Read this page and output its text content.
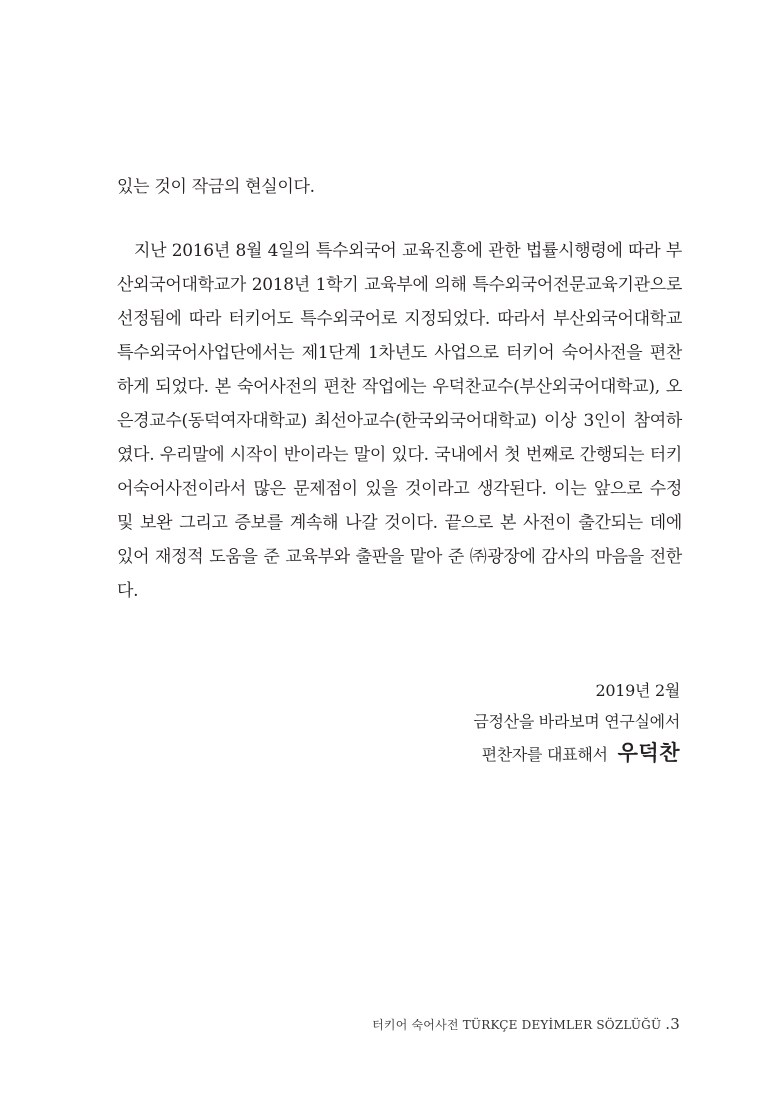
있는 것이 작금의 현실이다.

지난 2016년 8월 4일의 특수외국어 교육진흥에 관한 법률시행령에 따라 부산외국어대학교가 2018년 1학기 교육부에 의해 특수외국어전문교육기관으로 선정됨에 따라 터키어도 특수외국어로 지정되었다. 따라서 부산외국어대학교 특수외국어사업단에서는 제1단계 1차년도 사업으로 터키어 숙어사전을 편찬하게 되었다. 본 숙어사전의 편찬 작업에는 우덕찬교수(부산외국어대학교), 오은경교수(동덕여자대학교) 최선아교수(한국외국어대학교) 이상 3인이 참여하였다. 우리말에 시작이 반이라는 말이 있다. 국내에서 첫 번째로 간행되는 터키어숙어사전이라서 많은 문제점이 있을 것이라고 생각된다. 이는 앞으로 수정 및 보완 그리고 증보를 계속해 나갈 것이다. 끝으로 본 사전이 출간되는 데에 있어 재정적 도움을 준 교육부와 출판을 맡아 준 ㈜광장에 감사의 마음을 전한다.

2019년 2월
금정산을 바라보며 연구실에서
편찬자를 대표해서 우덕찬
터키어 숙어사전 TÜRKÇE DEYİMLER SÖZLÜĞÜ .3
